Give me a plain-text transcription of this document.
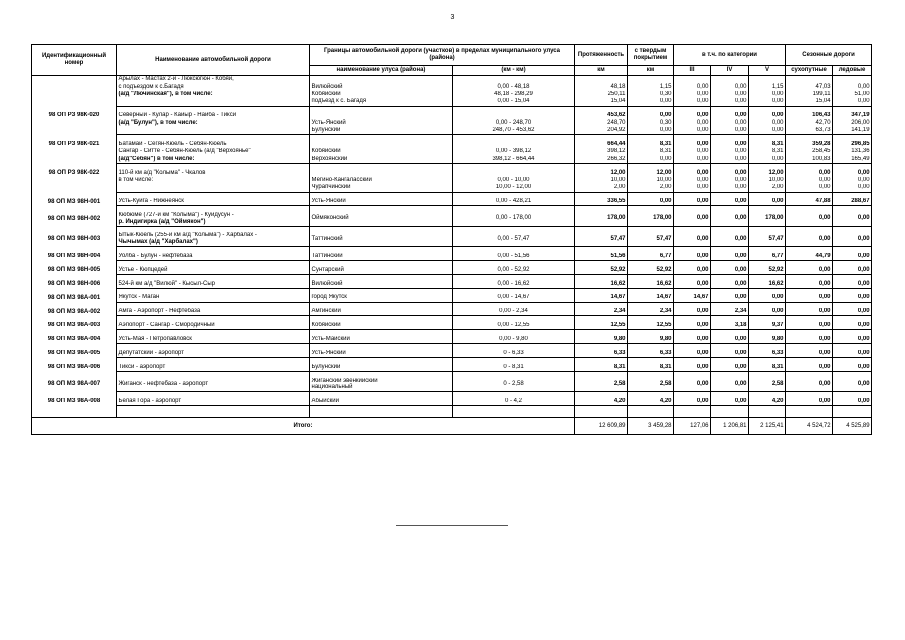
3
Идентификационный номер	Наименование автомобильной дороги	Границы автомобильной дороги (участков) в пределах муниципального улуса (района)		Протяженность	с твердым покрытием	в т.ч. по категории			Сезонные дороги	
		наименование улуса (района)	(км - км)	км	км	III	IV	V	сухопутные	ледовые
	Арылах - Мастах 2-й - Люксюгюн - Кобяй,									
	с подъездом к с.Багадя	Вилюйский	0,00 - 48,18	48,18	1,15	0,00	0,00	1,15	47,03	0,00
	(а/д "Лючинская"), в том числе:	Кобяйский	48,18 - 298,29	250,11	0,30	0,00	0,00	0,00	199,11	51,00
		подъезд к с. Багадя	0,00 - 15,04	15,04	0,00	0,00	0,00	0,00	15,04	0,00

98 ОП РЗ 98К-020	Северный - Кулар - Кайыр - Наиба - Тикси			453,62	0,00	0,00	0,00	0,00	106,43	347,19
	(а/д "Булун"), в том числе:	Усть-Янский	0,00 - 248,70	248,70	0,30	0,00	0,00	0,00	42,70	206,00
		Булунский	248,70 - 453,62	204,92	0,00	0,00	0,00	0,00	63,73	141,19

98 ОП РЗ 98К-021	Батамай - Сегян-Кюель - Себян-Кюель			664,44	8,31	0,00	0,00	8,31	359,28	296,85
	Сангар - Ситте - Себян-Кюель (а/д "Верхоянье"	Кобяйский	0,00 - 398,12	398,12	8,31	0,00	0,00	8,31	258,45	131,36
	(а/д"Себян") в том числе:	Верхоянский	398,12 - 664,44	266,32	0,00	0,00	0,00	0,00	100,83	165,49

98 ОП РЗ 98К-022	110-й км а/д "Колыма" - Чкалов			12,00	12,00	0,00	0,00	12,00	0,00	0,00
	в том числе:	Мегино-Кангаласский	0,00 - 10,00	10,00	10,00	0,00	0,00	10,00	0,00	0,00
		Чурапчинский	10,00 - 12,00	2,00	2,00	0,00	0,00	2,00	0,00	0,00

98 ОП МЗ 98Н-001	Усть-Куйга - Нижнеянск	Усть-Янский	0,00 - 428,21	336,55	0,00	0,00	0,00	0,00	47,88	288,67

98 ОП МЗ 98Н-002	Кюбюме (727-й км "Колыма") - Куйдусун -
р. Индигирка (а/д "Оймякон")	Оймяконский	0,00 - 178,00	178,00	178,00	0,00	0,00	178,00	0,00	0,00

98 ОП МЗ 98Н-003	Ытык-Кюель (255-й км а/д "Колыма") - Харбалах -
Чычымах (а/д "Харбалах")	Таттинский	0,00 - 57,47	57,47	57,47	0,00	0,00	57,47	0,00	0,00

98 ОП МЗ 98Н-004	Уолба - Булун - нефтебаза	Таттинский	0,00 - 51,56	51,56	6,77	0,00	0,00	6,77	44,79	0,00

98 ОП МЗ 98Н-005	Устье - Кюпцедей	Сунтарский	0,00 - 52,92	52,92	52,92	0,00	0,00	52,92	0,00	0,00

98 ОП МЗ 98Н-006	524-й км а/д "Вилюй" - Кысыл-Сыр	Вилюйский	0,00 - 16,62	16,62	16,62	0,00	0,00	16,62	0,00	0,00

98 ОП МЗ 98А-001	Якутск - Маган	город Якутск	0,00 - 14,67	14,67	14,67	14,67	0,00	0,00	0,00	0,00

98 ОП МЗ 98А-002	Амга - Аэропорт - Нефтебаза	Амгинский	0,00 - 2,34	2,34	2,34	0,00	2,34	0,00	0,00	0,00

98 ОП МЗ 98А-003	Аэпопорт - Сангар - Смородичный	Кобяйский	0,00 - 12,55	12,55	12,55	0,00	3,18	9,37	0,00	0,00

98 ОП МЗ 98А-004	Усть-Мая - Петропавловск	Усть-Майский	0,00 - 9,80	9,80	9,80	0,00	0,00	9,80	0,00	0,00

98 ОП МЗ 98А-005	Депутатский - аэропорт	Усть-Янский	0 - 6,33	6,33	6,33	0,00	0,00	6,33	0,00	0,00

98 ОП МЗ 98А-006	Тикси - аэропорт	Булунский	0 - 8,31	8,31	8,31	0,00	0,00	8,31	0,00	0,00

98 ОП МЗ 98А-007	Жиганск - нефтебаза - аэропорт	Жиганский эвенкийский
национальный	0 - 2,58	2,58	2,58	0,00	0,00	2,58	0,00	0,00

98 ОП МЗ 98А-008	Белая Гора - аэропорт	Абыйский	0 - 4,2	4,20	4,20	0,00	0,00	4,20	0,00	0,00

Итого:				12 609,89	3 459,28	127,06	1 206,81	2 125,41	4 524,72	4 525,89
